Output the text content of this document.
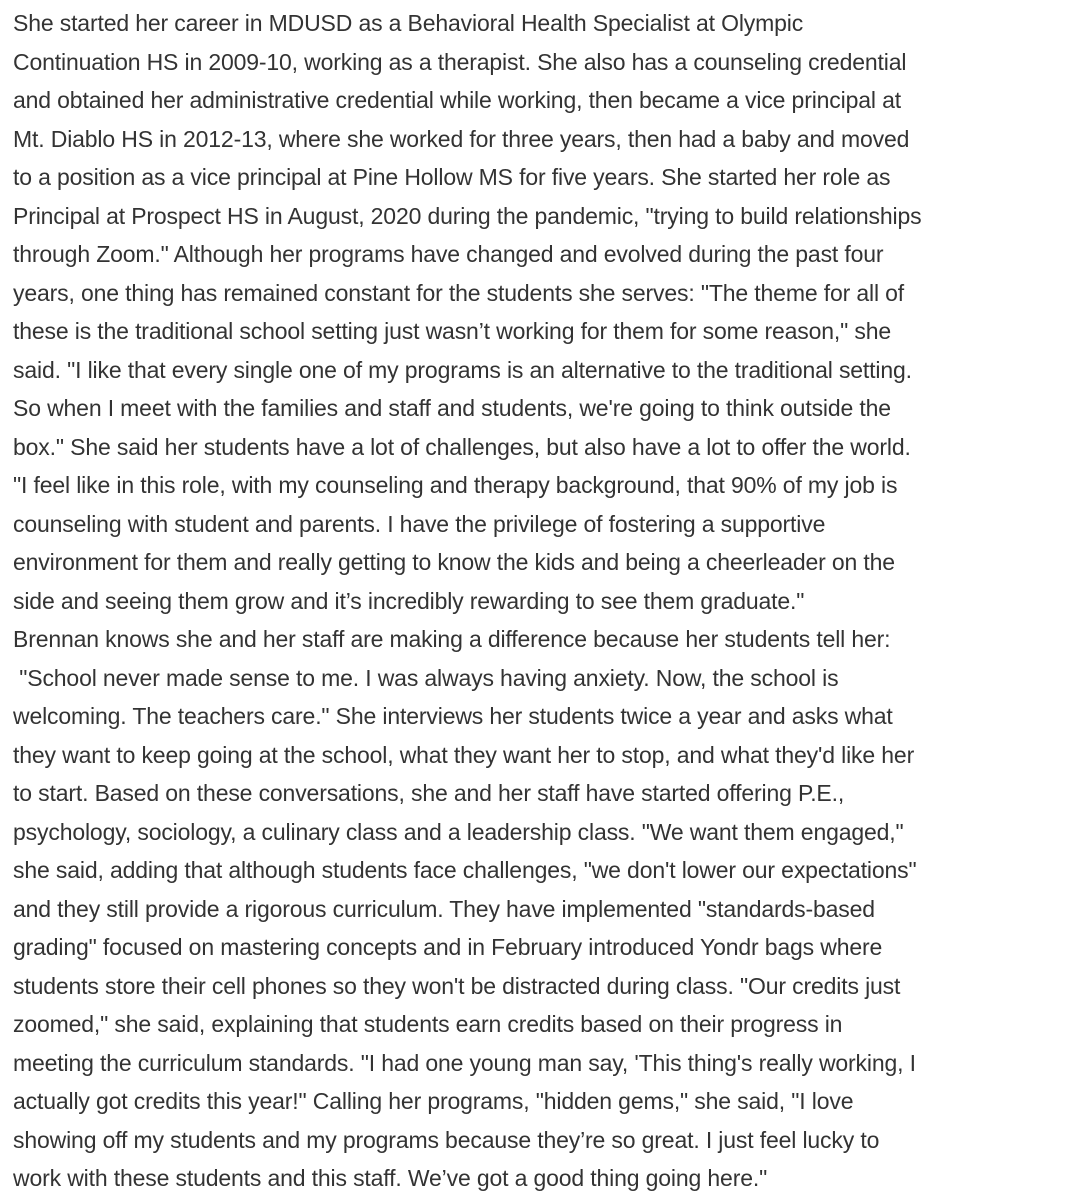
She started her career in MDUSD as a Behavioral Health Specialist at Olympic
Continuation HS in 2009-10, working as a therapist. She also has a counseling credential
and obtained her administrative credential while working, then became a vice principal at
Mt. Diablo HS in 2012-13, where she worked for three years, then had a baby and moved
to a position as a vice principal at Pine Hollow MS for five years. She started her role as
Principal at Prospect HS in August, 2020 during the pandemic, "trying to build relationships
through Zoom." Although her programs have changed and evolved during the past four
years, one thing has remained constant for the students she serves: "The theme for all of
these is the traditional school setting just wasn’t working for them for some reason," she
said. "I like that every single one of my programs is an alternative to the traditional setting.
So when I meet with the families and staff and students, we're going to think outside the
box." She said her students have a lot of challenges, but also have a lot to offer the world.
"I feel like in this role, with my counseling and therapy background, that 90% of my job is
counseling with student and parents. I have the privilege of fostering a supportive
environment for them and really getting to know the kids and being a cheerleader on the
side and seeing them grow and it’s incredibly rewarding to see them graduate."
Brennan knows she and her staff are making a difference because her students tell her:
"School never made sense to me. I was always having anxiety. Now, the school is
welcoming. The teachers care." She interviews her students twice a year and asks what
they want to keep going at the school, what they want her to stop, and what they'd like her
to start. Based on these conversations, she and her staff have started offering P.E.,
psychology, sociology, a culinary class and a leadership class. "We want them engaged,"
she said, adding that although students face challenges, "we don't lower our expectations"
and they still provide a rigorous curriculum. They have implemented "standards-based
grading" focused on mastering concepts and in February introduced Yondr bags where
students store their cell phones so they won't be distracted during class. "Our credits just
zoomed," she said, explaining that students earn credits based on their progress in
meeting the curriculum standards. "I had one young man say, 'This thing's really working, I
actually got credits this year!" Calling her programs, "hidden gems," she said, "I love
showing off my students and my programs because they’re so great. I just feel lucky to
work with these students and this staff. We’ve got a good thing going here."
